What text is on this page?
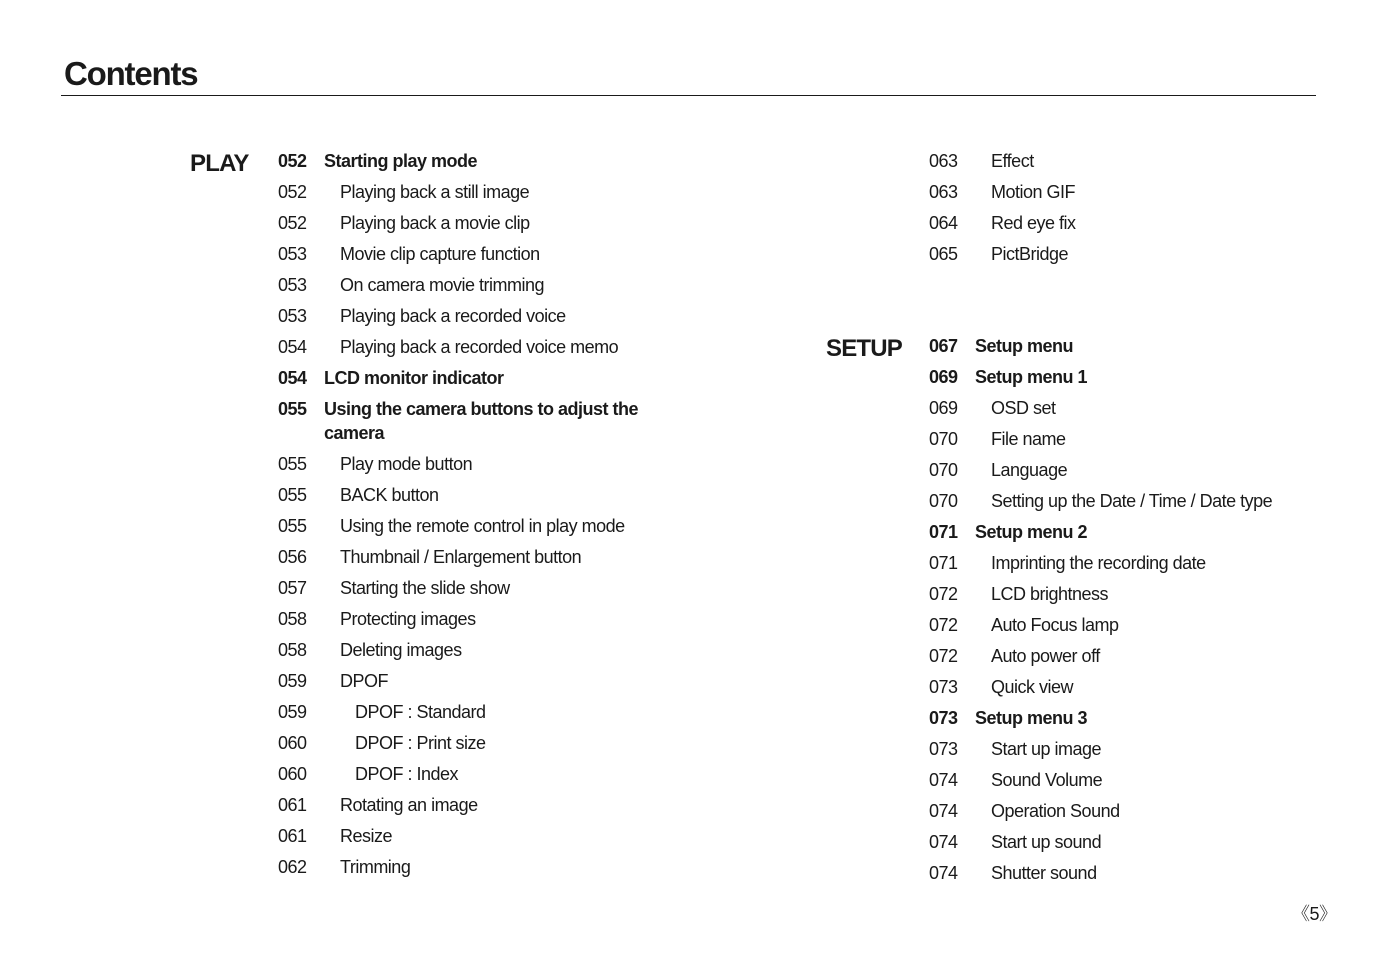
Contents
PLAY 052 Starting play mode
052	Playing back a still image
052	Playing back a movie clip
053	Movie clip capture function
053	On camera movie trimming
053	Playing back a recorded voice
054	Playing back a recorded voice memo
054 LCD monitor indicator
055 Using the camera buttons to adjust the camera
055	Play mode button
055	BACK button
055	Using the remote control in play mode
056	Thumbnail / Enlargement button
057	Starting the slide show
058	Protecting images
058	Deleting images
059	DPOF
059	DPOF : Standard
060	DPOF : Print size
060	DPOF : Index
061	Rotating an image
061	Resize
062	Trimming
063	Effect
063	Motion GIF
064	Red eye fix
065	PictBridge
067 Setup menu
069 Setup menu 1
069	OSD set
070	File name
070	Language
070	Setting up the Date / Time / Date type
071 Setup menu 2
071	Imprinting the recording date
072	LCD brightness
072	Auto Focus lamp
072	Auto power off
073	Quick view
073 Setup menu 3
073	Start up image
074	Sound Volume
074	Operation Sound
074	Start up sound
074	Shutter sound
SETUP
《5》
